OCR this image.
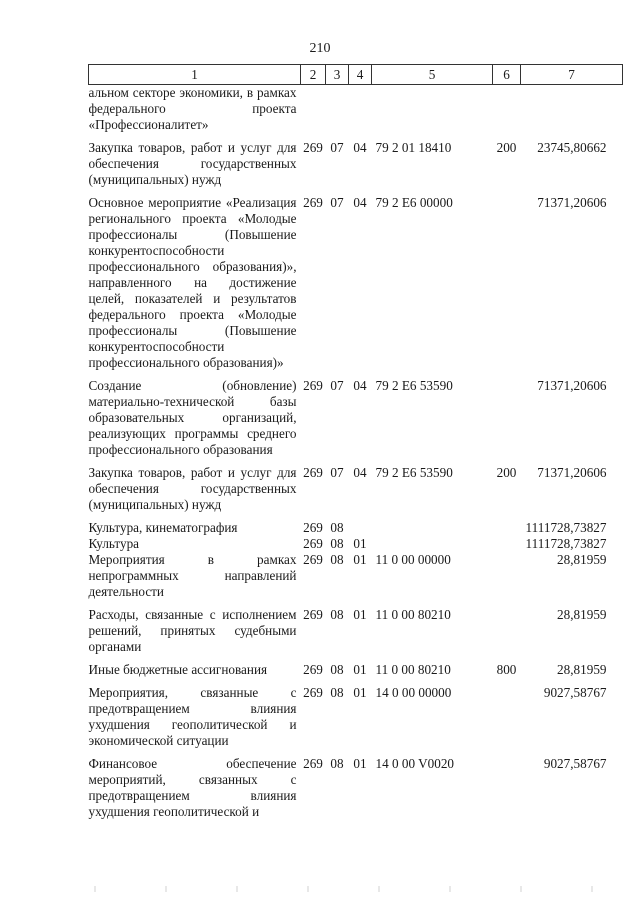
210
1	2	3	4	5	6	7
альном секторе экономики, в рамках федерального проекта «Профессионалитет»						
Закупка товаров, работ и услуг для обеспечения государственных (муниципальных) нужд	269	07	04	79 2 01 18410	200	23745,80662
Основное мероприятие «Реализация регионального проекта «Молодые профессионалы (Повышение конкурентоспособности профессионального образования)», направленного на достижение целей, показателей и результатов федерального проекта «Молодые профессионалы (Повышение конкурентоспособности профессионального образования)»	269	07	04	79 2 Е6 00000		71371,20606
Создание (обновление) материально-технической базы образовательных организаций, реализующих программы среднего профессионального образования	269	07	04	79 2 Е6 53590		71371,20606
Закупка товаров, работ и услуг для обеспечения государственных (муниципальных) нужд	269	07	04	79 2 Е6 53590	200	71371,20606
Культура, кинематография	269	08				1111728,73827
Культура	269	08	01			1111728,73827
Мероприятия в рамках непрограммных направлений деятельности	269	08	01	11 0 00 00000		28,81959
Расходы, связанные с исполнением решений, принятых судебными органами	269	08	01	11 0 00 80210		28,81959
Иные бюджетные ассигнования	269	08	01	11 0 00 80210	800	28,81959
Мероприятия, связанные с предотвращением влияния ухудшения геополитической и экономической ситуации	269	08	01	14 0 00 00000		9027,58767
Финансовое обеспечение мероприятий, связанных с предотвращением влияния ухудшения геополитической и	269	08	01	14 0 00 V0020		9027,58767
